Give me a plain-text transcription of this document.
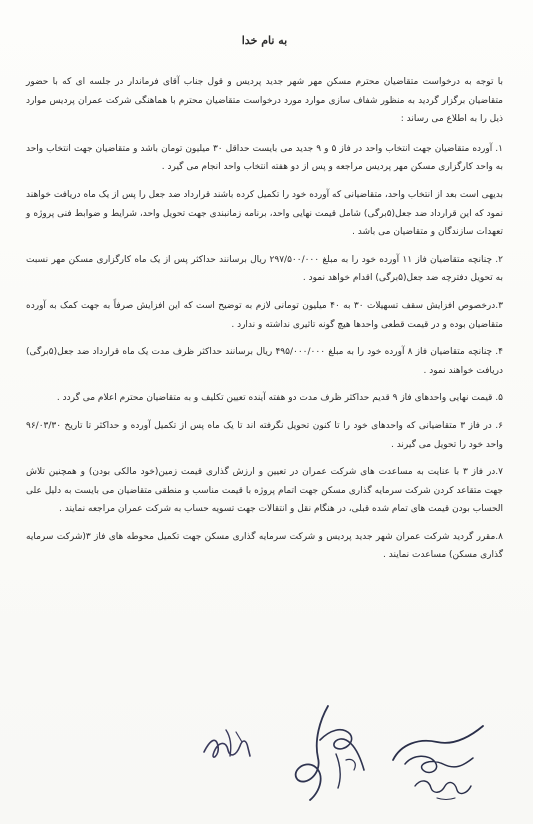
به نام خدا

با توجه به درخواست متقاضیان محترم مسکن مهر شهر جدید پردیس و قول جناب آقای فرماندار در جلسه ای که با حضور متقاضیان برگزار گردید به منظور شفاف سازی موارد مورد درخواست متقاضیان محترم با هماهنگی شرکت عمران پردیس موارد ذیل را به اطلاع می رساند :

۱. آورده متقاضیان جهت انتخاب واحد در فاز ۵ و ۹ جدید می بایست حداقل ۳۰ میلیون تومان باشد و متقاضیان جهت انتخاب واحد به واحد کارگزاری مسکن مهر پردیس مراجعه و پس از دو هفته انتخاب واحد انجام می گیرد .

بدیهی است بعد از انتخاب واحد، متقاضیانی که آورده خود را تکمیل کرده باشند قرارداد ضد جعل را پس از یک ماه دریافت خواهند نمود که این قرارداد ضد جعل(۵برگی) شامل قیمت نهایی واحد، برنامه زمانبندی جهت تحویل واحد، شرایط و ضوابط فنی پروژه و تعهدات سازندگان و متقاضیان می باشد .

۲. چنانچه متقاضیان فاز ۱۱ آورده خود را به مبلغ ۲۹۷/۵۰۰/۰۰۰ ریال برسانند حداکثر پس از یک ماه کارگزاری مسکن مهر نسبت به تحویل دفترچه ضد جعل(۵برگی) اقدام خواهد نمود .

۳.درخصوص افزایش سقف تسهیلات ۳۰ به ۴۰ میلیون تومانی لازم به توضیح است که این افزایش صرفاً به جهت کمک به آورده متقاضیان بوده و در قیمت قطعی واحدها هیچ گونه تاثیری نداشته و ندارد .

۴. چنانچه متقاضیان فاز ۸ آورده خود را به مبلغ ۴۹۵/۰۰۰/۰۰۰ ریال برسانند حداکثر ظرف مدت یک ماه قرارداد ضد جعل(۵برگی) دریافت خواهند نمود .

۵. قیمت نهایی واحدهای فاز ۹ قدیم حداکثر ظرف مدت دو هفته آینده تعیین تکلیف و به متقاضیان محترم اعلام می گردد .

۶. در فاز ۳ متقاضیانی که واحدهای خود را تا کنون تحویل نگرفته اند تا یک ماه پس از تکمیل آورده و حداکثر تا تاریخ ۹۶/۰۳/۳۰ واحد خود را تحویل می گیرند .

۷.در فاز ۳ با عنایت به مساعدت های شرکت عمران در تعیین و ارزش گذاری قیمت زمین(خود مالکی بودن) و همچنین تلاش جهت متقاعد کردن شرکت سرمایه گذاری مسکن جهت اتمام پروژه با قیمت مناسب و منطقی متقاضیان می بایست به دلیل علی الحساب بودن قیمت های تمام شده قبلی، در هنگام نقل و انتقالات جهت تسویه حساب به شرکت عمران مراجعه نمایند .

۸.مقرر گردید شرکت عمران شهر جدید پردیس و شرکت سرمایه گذاری مسکن جهت تکمیل محوطه های فاز ۳(شرکت سرمایه گذاری مسکن) مساعدت نمایند .
